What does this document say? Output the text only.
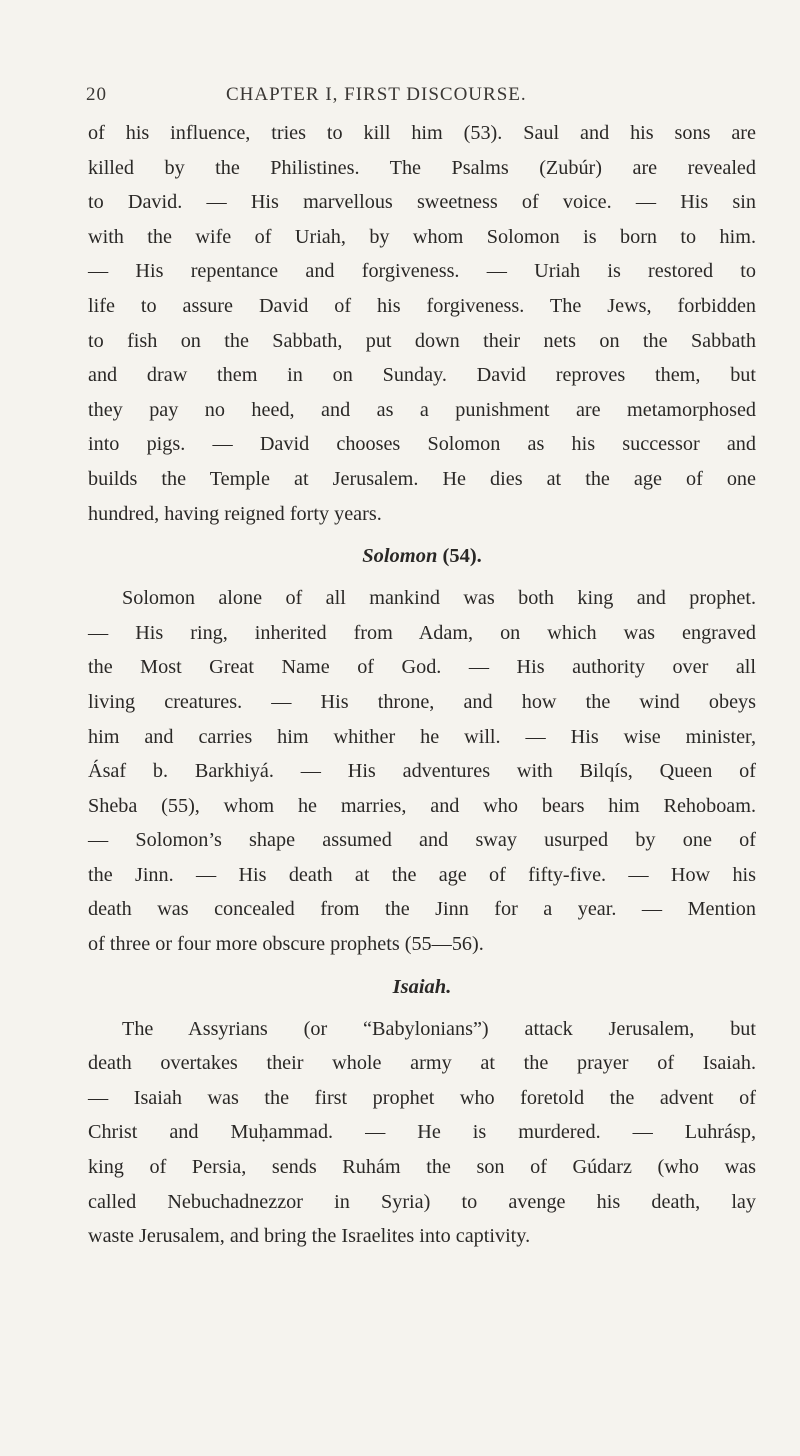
20	CHAPTER I, FIRST DISCOURSE.

of his influence, tries to kill him (53). Saul and his sons are
killed by the Philistines. The Psalms (Zubúr) are revealed
to David. — His marvellous sweetness of voice. — His sin
with the wife of Uriah, by whom Solomon is born to him.
— His repentance and forgiveness. — Uriah is restored to
life to assure David of his forgiveness. The Jews, forbidden
to fish on the Sabbath, put down their nets on the Sabbath
and draw them in on Sunday. David reproves them, but
they pay no heed, and as a punishment are metamorphosed
into pigs. — David chooses Solomon as his successor and
builds the Temple at Jerusalem. He dies at the age of one
hundred, having reigned forty years.

Solomon (54).

Solomon alone of all mankind was both king and prophet.
— His ring, inherited from Adam, on which was engraved
the Most Great Name of God. — His authority over all
living creatures. — His throne, and how the wind obeys
him and carries him whither he will. — His wise minister,
Ásaf b. Barkhiyá. — His adventures with Bilqís, Queen of
Sheba (55), whom he marries, and who bears him Rehoboam.
— Solomon’s shape assumed and sway usurped by one of
the Jinn. — His death at the age of fifty-five. — How his
death was concealed from the Jinn for a year. — Mention
of three or four more obscure prophets (55—56).

Isaiah.

The Assyrians (or “Babylonians”) attack Jerusalem, but
death overtakes their whole army at the prayer of Isaiah.
— Isaiah was the first prophet who foretold the advent of
Christ and Muḥammad. — He is murdered. — Luhrásp,
king of Persia, sends Ruhám the son of Gúdarz (who was
called Nebuchadnezzor in Syria) to avenge his death, lay
waste Jerusalem, and bring the Israelites into captivity.
